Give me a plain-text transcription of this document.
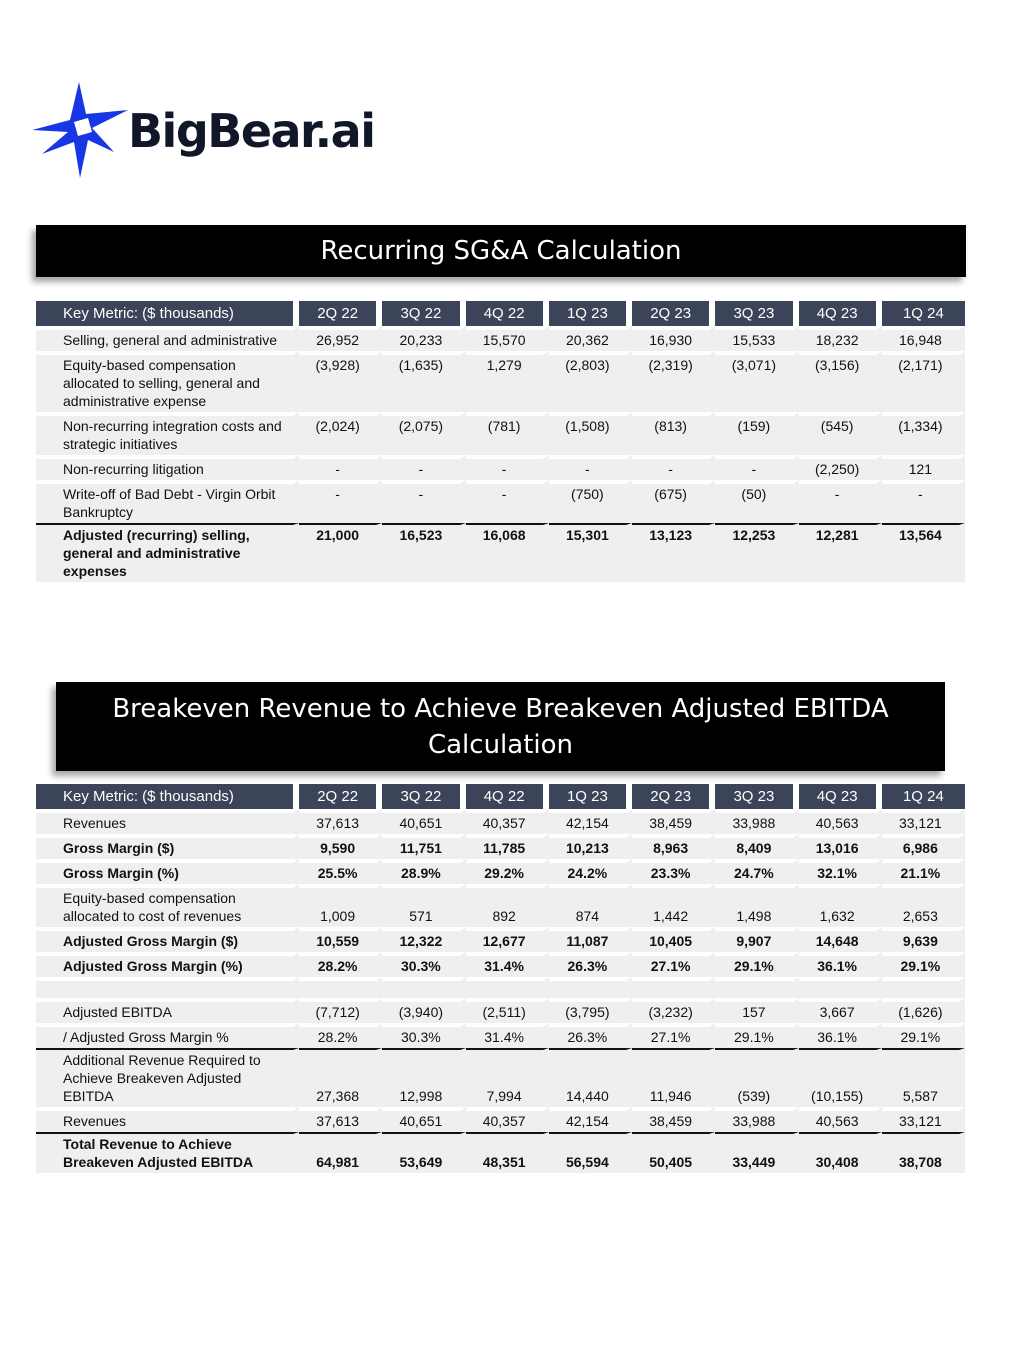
BigBear.ai
Recurring SG&A Calculation
Key Metric: ($ thousands)	2Q 22	3Q 22	4Q 22	1Q 23	2Q 23	3Q 23	4Q 23	1Q 24
Selling, general and administrative	26,952	20,233	15,570	20,362	16,930	15,533	18,232	16,948
Equity-based compensation allocated to selling, general and administrative expense	(3,928)	(1,635)	1,279	(2,803)	(2,319)	(3,071)	(3,156)	(2,171)
Non-recurring integration costs and strategic initiatives	(2,024)	(2,075)	(781)	(1,508)	(813)	(159)	(545)	(1,334)
Non-recurring litigation	-	-	-	-	-	-	(2,250)	121
Write-off of Bad Debt - Virgin Orbit Bankruptcy	-	-	-	(750)	(675)	(50)	-	-
Adjusted (recurring) selling, general and administrative expenses	21,000	16,523	16,068	15,301	13,123	12,253	12,281	13,564
Breakeven Revenue to Achieve Breakeven Adjusted EBITDA Calculation
Key Metric: ($ thousands)	2Q 22	3Q 22	4Q 22	1Q 23	2Q 23	3Q 23	4Q 23	1Q 24
Revenues	37,613	40,651	40,357	42,154	38,459	33,988	40,563	33,121
Gross Margin ($)	9,590	11,751	11,785	10,213	8,963	8,409	13,016	6,986
Gross Margin (%)	25.5%	28.9%	29.2%	24.2%	23.3%	24.7%	32.1%	21.1%
Equity-based compensation allocated to cost of revenues	1,009	571	892	874	1,442	1,498	1,632	2,653
Adjusted Gross Margin ($)	10,559	12,322	12,677	11,087	10,405	9,907	14,648	9,639
Adjusted Gross Margin (%)	28.2%	30.3%	31.4%	26.3%	27.1%	29.1%	36.1%	29.1%

Adjusted EBITDA	(7,712)	(3,940)	(2,511)	(3,795)	(3,232)	157	3,667	(1,626)
/ Adjusted Gross Margin %	28.2%	30.3%	31.4%	26.3%	27.1%	29.1%	36.1%	29.1%
Additional Revenue Required to Achieve Breakeven Adjusted EBITDA	27,368	12,998	7,994	14,440	11,946	(539)	(10,155)	5,587
Revenues	37,613	40,651	40,357	42,154	38,459	33,988	40,563	33,121
Total Revenue to Achieve Breakeven Adjusted EBITDA	64,981	53,649	48,351	56,594	50,405	33,449	30,408	38,708
